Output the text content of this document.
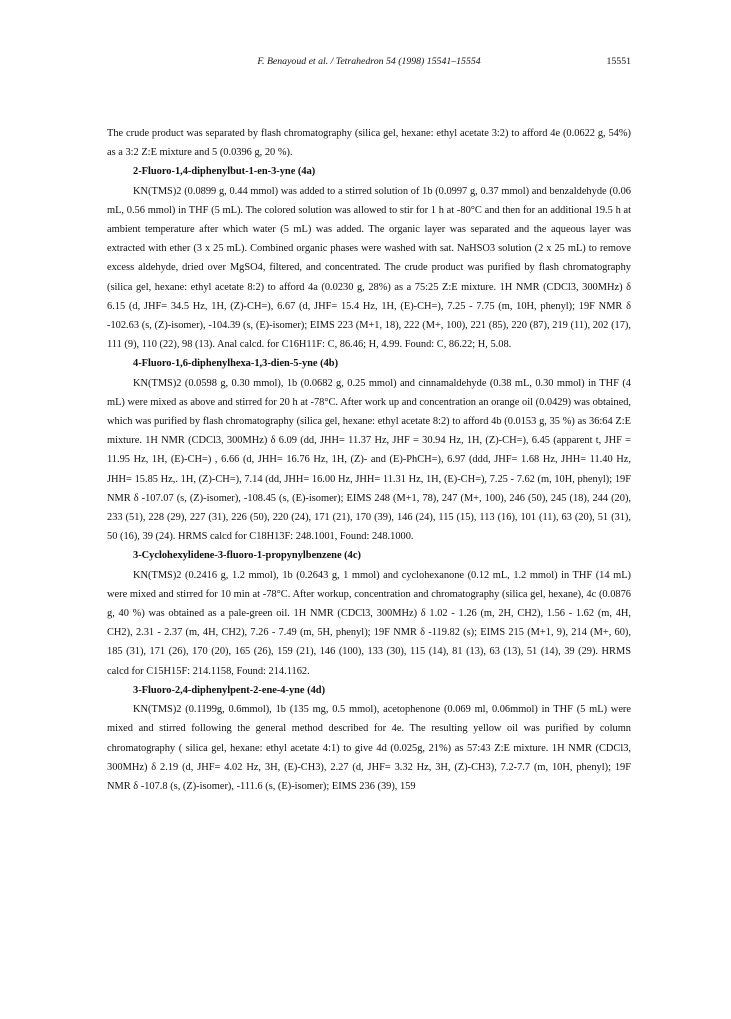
F. Benayoud et al. / Tetrahedron 54 (1998) 15541–15554	15551

The crude product was separated by flash chromatography (silica gel, hexane: ethyl acetate 3:2) to afford 4e (0.0622 g, 54%) as a 3:2 Z:E mixture and 5 (0.0396 g, 20 %).

2-Fluoro-1,4-diphenylbut-1-en-3-yne (4a)

KN(TMS)2 (0.0899 g, 0.44 mmol) was added to a stirred solution of 1b (0.0997 g, 0.37 mmol) and benzaldehyde (0.06 mL, 0.56 mmol) in THF (5 mL). The colored solution was allowed to stir for 1 h at -80°C and then for an additional 19.5 h at ambient temperature after which water (5 mL) was added. The organic layer was separated and the aqueous layer was extracted with ether (3 x 25 mL). Combined organic phases were washed with sat. NaHSO3 solution (2 x 25 mL) to remove excess aldehyde, dried over MgSO4, filtered, and concentrated. The crude product was purified by flash chromatography (silica gel, hexane: ethyl acetate 8:2) to afford 4a (0.0230 g, 28%) as a 75:25 Z:E mixture. 1H NMR (CDCl3, 300MHz) δ 6.15 (d, JHF= 34.5 Hz, 1H, (Z)-CH=), 6.67 (d, JHF= 15.4 Hz, 1H, (E)-CH=), 7.25 - 7.75 (m, 10H, phenyl); 19F NMR δ -102.63 (s, (Z)-isomer), -104.39 (s, (E)-isomer); EIMS 223 (M+1, 18), 222 (M+, 100), 221 (85), 220 (87), 219 (11), 202 (17), 111 (9), 110 (22), 98 (13). Anal calcd. for C16H11F: C, 86.46; H, 4.99. Found: C, 86.22; H, 5.08.

4-Fluoro-1,6-diphenylhexa-1,3-dien-5-yne (4b)

KN(TMS)2 (0.0598 g, 0.30 mmol), 1b (0.0682 g, 0.25 mmol) and cinnamaldehyde (0.38 mL, 0.30 mmol) in THF (4 mL) were mixed as above and stirred for 20 h at -78°C. After work up and concentration an orange oil (0.0429) was obtained, which was purified by flash chromatography (silica gel, hexane: ethyl acetate 8:2) to afford 4b (0.0153 g, 35 %) as 36:64 Z:E mixture. 1H NMR (CDCl3, 300MHz) δ 6.09 (dd, JHH= 11.37 Hz, JHF = 30.94 Hz, 1H, (Z)-CH=), 6.45 (apparent t, JHF = 11.95 Hz, 1H, (E)-CH=) , 6.66 (d, JHH= 16.76 Hz, 1H, (Z)- and (E)-PhCH=), 6.97 (ddd, JHF= 1.68 Hz, JHH= 11.40 Hz, JHH= 15.85 Hz,. 1H, (Z)-CH=), 7.14 (dd, JHH= 16.00 Hz, JHH= 11.31 Hz, 1H, (E)-CH=), 7.25 - 7.62 (m, 10H, phenyl); 19F NMR δ -107.07 (s, (Z)-isomer), -108.45 (s, (E)-isomer); EIMS 248 (M+1, 78), 247 (M+, 100), 246 (50), 245 (18), 244 (20), 233 (51), 228 (29), 227 (31), 226 (50), 220 (24), 171 (21), 170 (39), 146 (24), 115 (15), 113 (16), 101 (11), 63 (20), 51 (31), 50 (16), 39 (24). HRMS calcd for C18H13F: 248.1001, Found: 248.1000.

3-Cyclohexylidene-3-fluoro-1-propynylbenzene (4c)

KN(TMS)2 (0.2416 g, 1.2 mmol), 1b (0.2643 g, 1 mmol) and cyclohexanone (0.12 mL, 1.2 mmol) in THF (14 mL) were mixed and stirred for 10 min at -78°C. After workup, concentration and chromatography (silica gel, hexane), 4c (0.0876 g, 40 %) was obtained as a pale-green oil. 1H NMR (CDCl3, 300MHz) δ 1.02 - 1.26 (m, 2H, CH2), 1.56 - 1.62 (m, 4H, CH2), 2.31 - 2.37 (m, 4H, CH2), 7.26 - 7.49 (m, 5H, phenyl); 19F NMR δ -119.82 (s); EIMS 215 (M+1, 9), 214 (M+, 60), 185 (31), 171 (26), 170 (20), 165 (26), 159 (21), 146 (100), 133 (30), 115 (14), 81 (13), 63 (13), 51 (14), 39 (29). HRMS calcd for C15H15F: 214.1158, Found: 214.1162.

3-Fluoro-2,4-diphenylpent-2-ene-4-yne (4d)

KN(TMS)2 (0.1199g, 0.6mmol), 1b (135 mg, 0.5 mmol), acetophenone (0.069 ml, 0.06mmol) in THF (5 mL) were mixed and stirred following the general method described for 4e. The resulting yellow oil was purified by column chromatography ( silica gel, hexane: ethyl acetate 4:1) to give 4d (0.025g, 21%) as 57:43 Z:E mixture. 1H NMR (CDCl3, 300MHz) δ 2.19 (d, JHF= 4.02 Hz, 3H, (E)-CH3), 2.27 (d, JHF= 3.32 Hz, 3H, (Z)-CH3), 7.2-7.7 (m, 10H, phenyl); 19F NMR δ -107.8 (s, (Z)-isomer), -111.6 (s, (E)-isomer); EIMS 236 (39), 159
